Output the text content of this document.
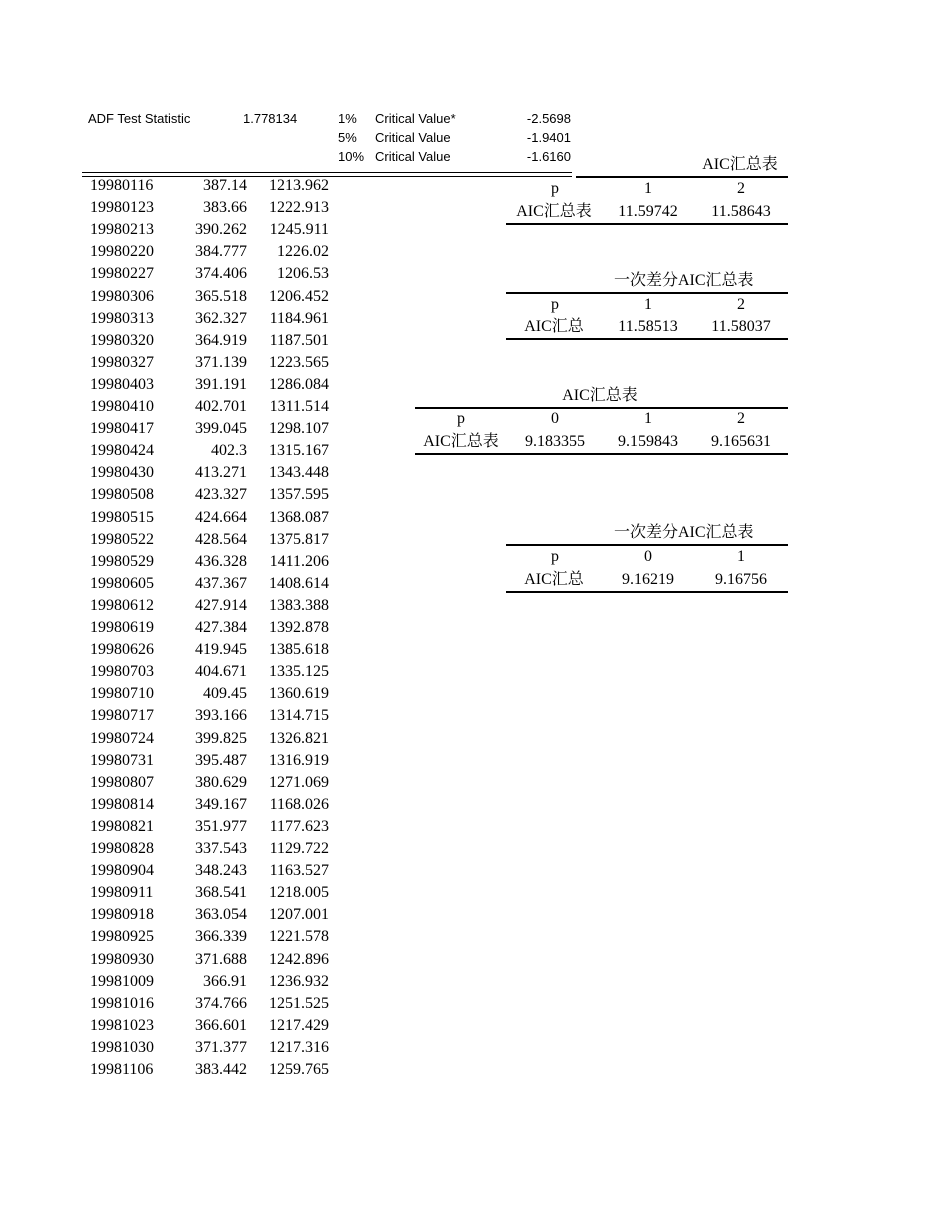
ADF Test Statistic	1.778134	1% Critical Value*	-2.5698
5% Critical Value	-1.9401
10% Critical Value	-1.6160
19980116	387.14	1213.962
19980123	383.66	1222.913
19980213	390.262	1245.911
19980220	384.777	1226.02
19980227	374.406	1206.53
19980306	365.518	1206.452
19980313	362.327	1184.961
19980320	364.919	1187.501
19980327	371.139	1223.565
19980403	391.191	1286.084
19980410	402.701	1311.514
19980417	399.045	1298.107
19980424	402.3	1315.167
19980430	413.271	1343.448
19980508	423.327	1357.595
19980515	424.664	1368.087
19980522	428.564	1375.817
19980529	436.328	1411.206
19980605	437.367	1408.614
19980612	427.914	1383.388
19980619	427.384	1392.878
19980626	419.945	1385.618
19980703	404.671	1335.125
19980710	409.45	1360.619
19980717	393.166	1314.715
19980724	399.825	1326.821
19980731	395.487	1316.919
19980807	380.629	1271.069
19980814	349.167	1168.026
19980821	351.977	1177.623
19980828	337.543	1129.722
19980904	348.243	1163.527
19980911	368.541	1218.005
19980918	363.054	1207.001
19980925	366.339	1221.578
19980930	371.688	1242.896
19981009	366.91	1236.932
19981016	374.766	1251.525
19981023	366.601	1217.429
19981030	371.377	1217.316
19981106	383.442	1259.765
AIC汇总表
p	1	2
AIC汇总表	11.59742	11.58643
一次差分AIC汇总表
p	1	2
AIC汇总	11.58513	11.58037
AIC汇总表
p	0	1	2
AIC汇总表	9.183355	9.159843	9.165631
一次差分AIC汇总表
p	0	1
AIC汇总	9.16219	9.16756
